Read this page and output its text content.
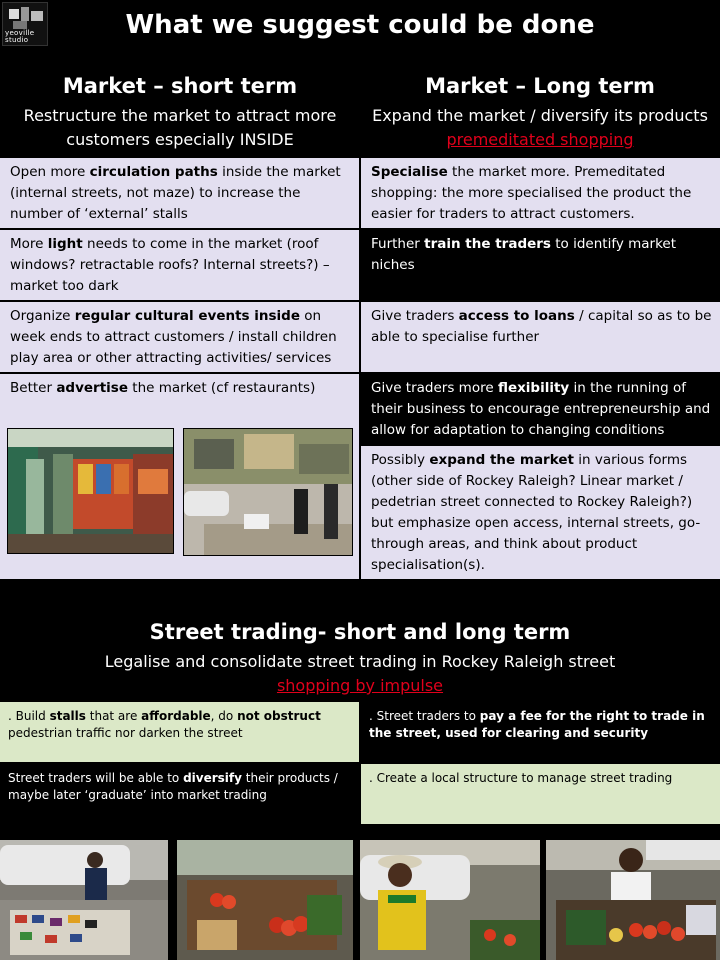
yeoville
studio	What we suggest could be done
Market – short term	Market – Long term
Restructure the market to attract more customers especially INSIDE
Expand the market / diversify its products premeditated shopping
Open more circulation paths inside the market (internal streets, not maze) to increase the number of ‘external’ stalls
More light needs to come in the market (roof windows? retractable roofs? Internal streets?) – market too dark
Organize regular cultural events inside on week ends to attract customers / install children play area or other attracting activities/ services
Better advertise the market (cf restaurants)
Specialise the market more. Premeditated shopping: the more specialised the product the easier for traders to attract customers.
Further train the traders to identify market niches
Give traders access to loans / capital so as to be able to specialise further
Give traders more flexibility in the running of their business to encourage entrepreneurship and allow for adaptation to changing conditions
Possibly expand the market in various forms (other side of Rockey Raleigh? Linear market / pedetrian street connected to Rockey Raleigh?) but emphasize open access, internal streets, go-through areas, and think about product specialisation(s).
Street trading- short and long term
Legalise and consolidate street trading in Rockey Raleigh street
shopping by impulse
. Build stalls that are affordable, do not obstruct pedestrian traffic nor darken the street
. Street traders to pay a fee for the right to trade in the street, used for clearing and security
Street traders will be able to diversify their products / maybe later ‘graduate’ into market trading
. Create a local structure to manage street trading
